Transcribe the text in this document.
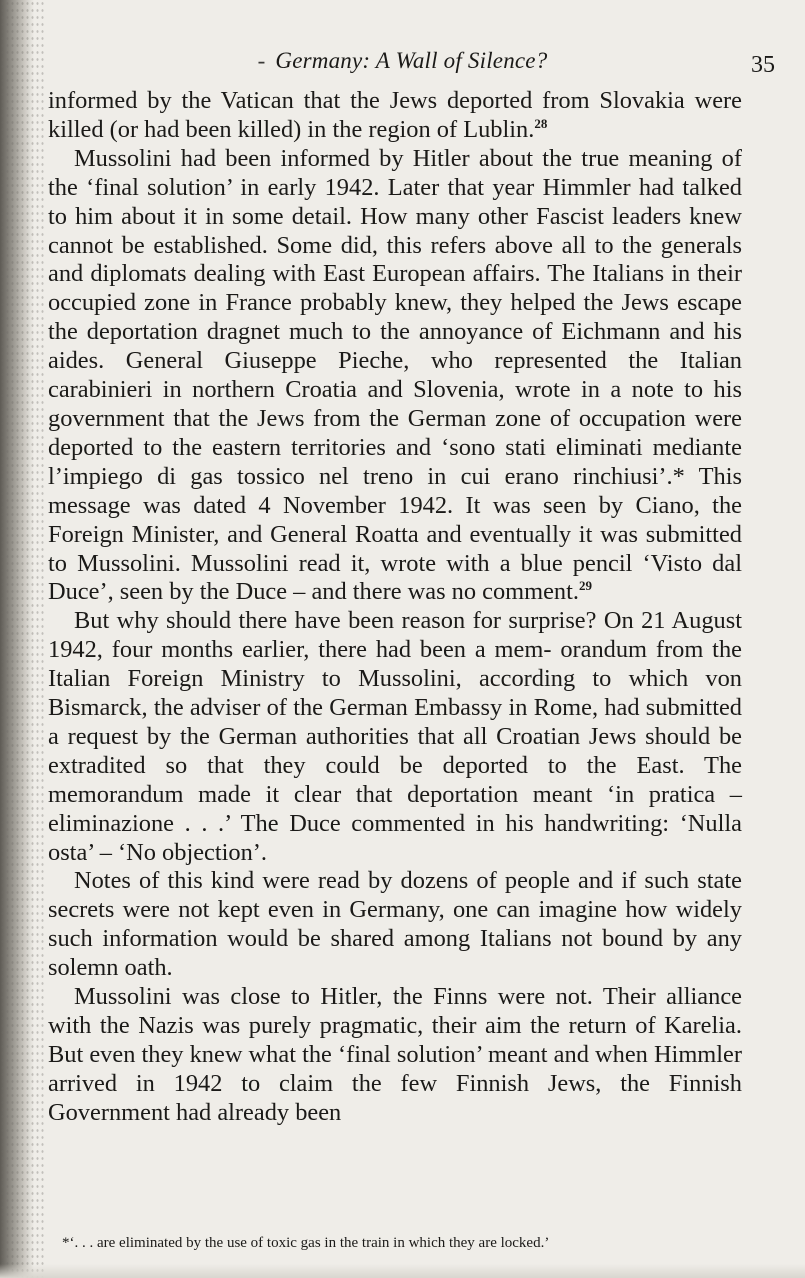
- Germany: A Wall of Silence?	35

informed by the Vatican that the Jews deported from Slovakia were killed (or had been killed) in the region of Lublin.$^{28}$

Mussolini had been informed by Hitler about the true meaning of the ‘final solution’ in early 1942. Later that year Himmler had talked to him about it in some detail. How many other Fascist leaders knew cannot be established. Some did, this refers above all to the generals and diplomats dealing with East European affairs. The Italians in their occupied zone in France probably knew, they helped the Jews escape the deportation dragnet much to the annoyance of Eichmann and his aides. General Giuseppe Pieche, who represented the Italian carabinieri in northern Croatia and Slovenia, wrote in a note to his government that the Jews from the German zone of occupation were deported to the eastern territories and ‘sono stati eliminati mediante l’impiego di gas tossico nel treno in cui erano rinchiusi’.* This message was dated 4 November 1942. It was seen by Ciano, the Foreign Minister, and General Roatta and eventually it was submitted to Mussolini. Mussolini read it, wrote with a blue pencil ‘Visto dal Duce’, seen by the Duce – and there was no comment.$^{29}$

But why should there have been reason for surprise? On 21 August 1942, four months earlier, there had been a mem- orandum from the Italian Foreign Ministry to Mussolini, according to which von Bismarck, the adviser of the German Embassy in Rome, had submitted a request by the German authorities that all Croatian Jews should be extradited so that they could be deported to the East. The memorandum made it clear that deportation meant ‘in pratica – eliminazione . . .’ The Duce commented in his handwriting: ‘Nulla osta’ – ‘No objection’.

Notes of this kind were read by dozens of people and if such state secrets were not kept even in Germany, one can imagine how widely such information would be shared among Italians not bound by any solemn oath.

Mussolini was close to Hitler, the Finns were not. Their alliance with the Nazis was purely pragmatic, their aim the return of Karelia. But even they knew what the ‘final solution’ meant and when Himmler arrived in 1942 to claim the few Finnish Jews, the Finnish Government had already been

*‘. . . are eliminated by the use of toxic gas in the train in which they are locked.’
